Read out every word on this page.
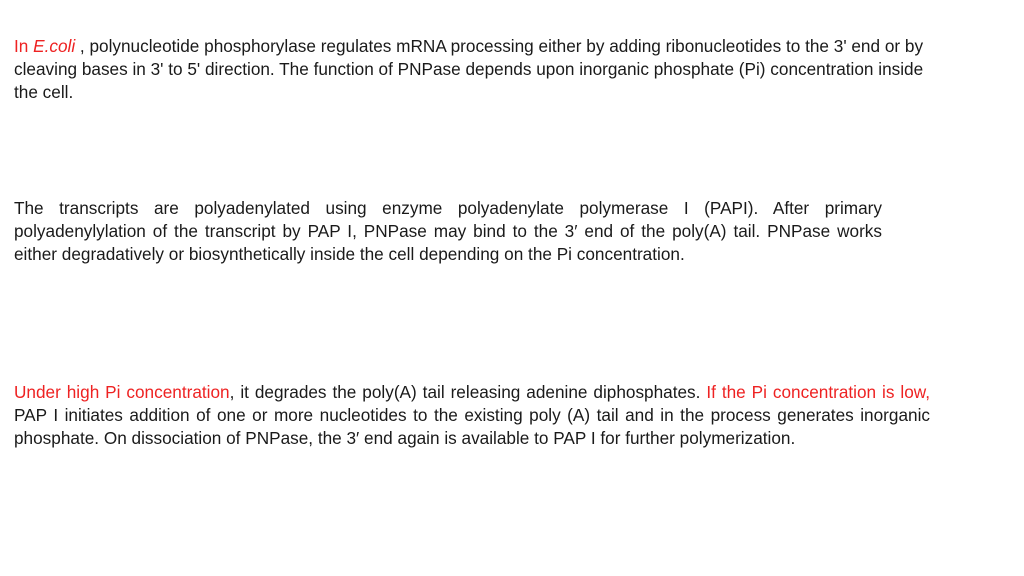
In E.coli , polynucleotide phosphorylase regulates mRNA processing either by adding ribonucleotides to the 3' end or by cleaving bases in 3' to 5' direction. The function of PNPase depends upon inorganic phosphate (Pi) concentration inside the cell.

The transcripts are polyadenylated using enzyme polyadenylate polymerase I (PAPI). After primary polyadenylylation of the transcript by PAP I, PNPase may bind to the 3′ end of the poly(A) tail. PNPase works either degradatively or biosynthetically inside the cell depending on the Pi concentration.

Under high Pi concentration, it degrades the poly(A) tail releasing adenine diphosphates. If the Pi concentration is low, PAP I initiates addition of one or more nucleotides to the existing poly (A) tail and in the process generates inorganic phosphate. On dissociation of PNPase, the 3′ end again is available to PAP I for further polymerization.
